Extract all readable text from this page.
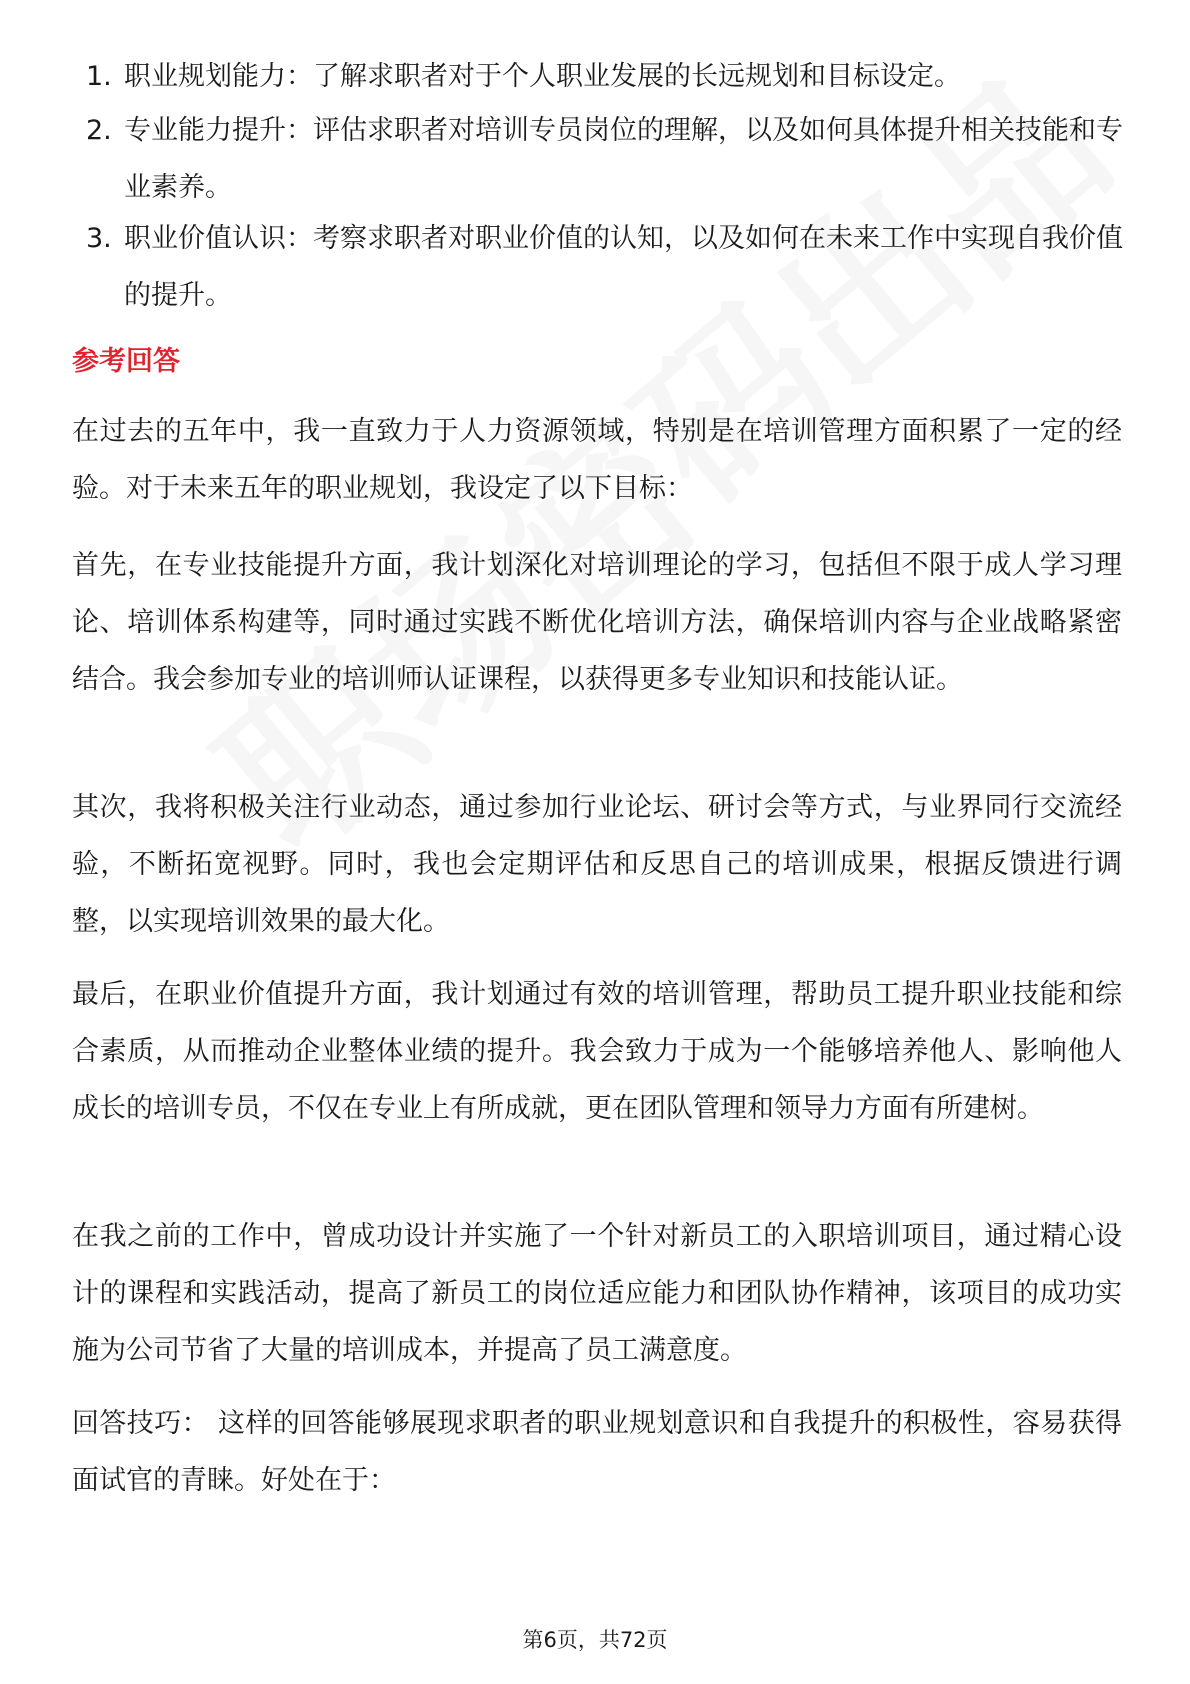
1. 职业规划能力：了解求职者对于个人职业发展的长远规划和目标设定。
2. 专业能力提升：评估求职者对培训专员岗位的理解，以及如何具体提升相关技能和专业素养。
3. 职业价值认识：考察求职者对职业价值的认知，以及如何在未来工作中实现自我价值的提升。
参考回答
在过去的五年中，我一直致力于人力资源领域，特别是在培训管理方面积累了一定的经验。对于未来五年的职业规划，我设定了以下目标：
首先，在专业技能提升方面，我计划深化对培训理论的学习，包括但不限于成人学习理论、培训体系构建等，同时通过实践不断优化培训方法，确保培训内容与企业战略紧密结合。我会参加专业的培训师认证课程，以获得更多专业知识和技能认证。
其次，我将积极关注行业动态，通过参加行业论坛、研讨会等方式，与业界同行交流经验，不断拓宽视野。同时，我也会定期评估和反思自己的培训成果，根据反馈进行调整，以实现培训效果的最大化。
最后，在职业价值提升方面，我计划通过有效的培训管理，帮助员工提升职业技能和综合素质，从而推动企业整体业绩的提升。我会致力于成为一个能够培养他人、影响他人成长的培训专员，不仅在专业上有所成就，更在团队管理和领导力方面有所建树。
在我之前的工作中，曾成功设计并实施了一个针对新员工的入职培训项目，通过精心设计的课程和实践活动，提高了新员工的岗位适应能力和团队协作精神，该项目的成功实施为公司节省了大量的培训成本，并提高了员工满意度。
回答技巧： 这样的回答能够展现求职者的职业规划意识和自我提升的积极性，容易获得面试官的青睐。好处在于：
第6页，共72页
